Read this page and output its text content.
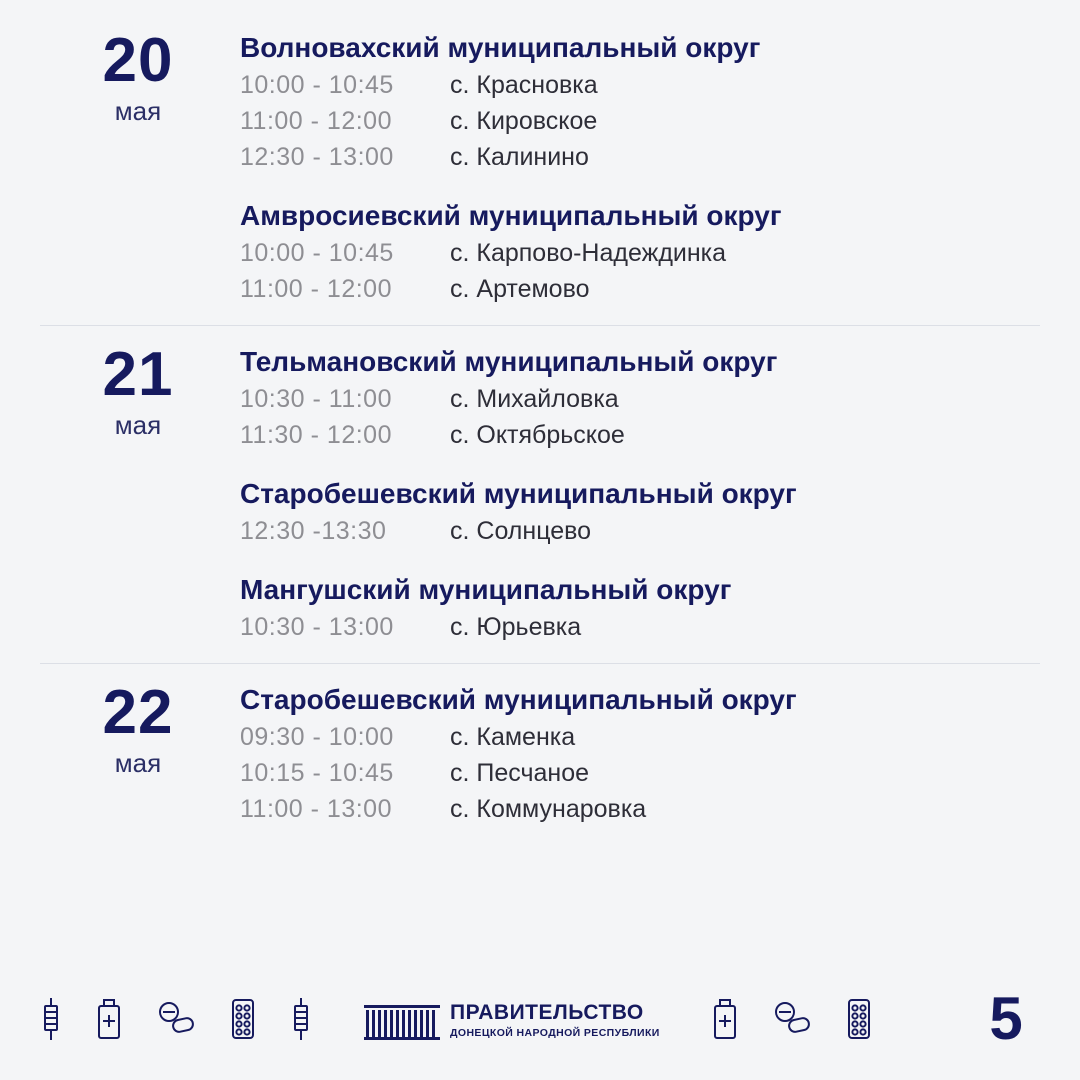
20
мая
Волновахский муниципальный округ
10:00 - 10:45	с. Красновка
11:00 - 12:00	с. Кировское
12:30 - 13:00	с. Калинино
Амвросиевский муниципальный округ
10:00 - 10:45	с. Карпово-Надеждинка
11:00 - 12:00	с. Артемово
21
мая
Тельмановский муниципальный округ
10:30 - 11:00	с. Михайловка
11:30 - 12:00	с. Октябрьское
Старобешевский муниципальный округ
12:30 -13:30	с. Солнцево
Мангушский муниципальный округ
10:30 - 13:00	с. Юрьевка
22
мая
Старобешевский муниципальный округ
09:30 - 10:00	с. Каменка
10:15 - 10:45	с. Песчаное
11:00 - 13:00	с. Коммунаровка
ПРАВИТЕЛЬСТВО
ДОНЕЦКОЙ НАРОДНОЙ РЕСПУБЛИКИ	5
